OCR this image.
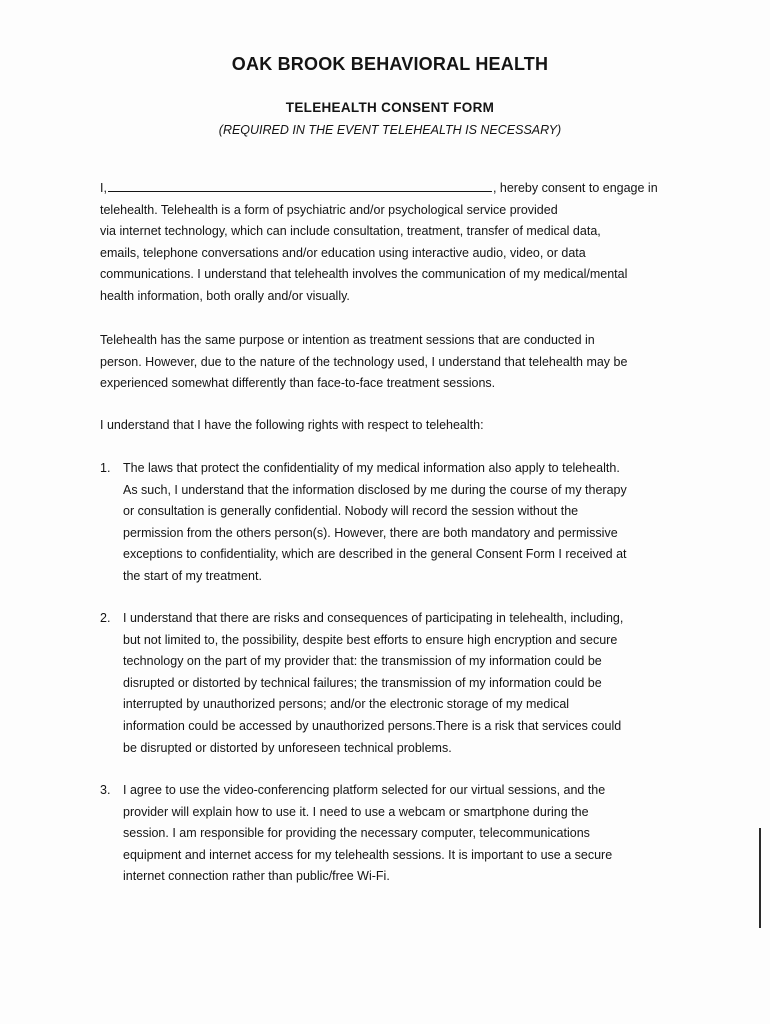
OAK BROOK BEHAVIORAL HEALTH
TELEHEALTH CONSENT FORM
(REQUIRED IN THE EVENT TELEHEALTH IS NECESSARY)
I,	, hereby consent to engage in
telehealth. Telehealth is a form of psychiatric and/or psychological service provided
via internet technology, which can include consultation, treatment, transfer of medical data,
emails, telephone conversations and/or education using interactive audio, video, or data
communications. I understand that telehealth involves the communication of my medical/mental
health information, both orally and/or visually.
Telehealth has the same purpose or intention as treatment sessions that are conducted in
person. However, due to the nature of the technology used, I understand that telehealth may be
experienced somewhat differently than face-to-face treatment sessions.
I understand that I have the following rights with respect to telehealth:
1. The laws that protect the confidentiality of my medical information also apply to telehealth.
As such, I understand that the information disclosed by me during the course of my therapy
or consultation is generally confidential. Nobody will record the session without the
permission from the others person(s). However, there are both mandatory and permissive
exceptions to confidentiality, which are described in the general Consent Form I received at
the start of my treatment.
2. I understand that there are risks and consequences of participating in telehealth, including,
but not limited to, the possibility, despite best efforts to ensure high encryption and secure
technology on the part of my provider that: the transmission of my information could be
disrupted or distorted by technical failures; the transmission of my information could be
interrupted by unauthorized persons; and/or the electronic storage of my medical
information could be accessed by unauthorized persons.There is a risk that services could
be disrupted or distorted by unforeseen technical problems.
3. I agree to use the video-conferencing platform selected for our virtual sessions, and the
provider will explain how to use it. I need to use a webcam or smartphone during the
session. I am responsible for providing the necessary computer, telecommunications
equipment and internet access for my telehealth sessions. It is important to use a secure
internet connection rather than public/free Wi-Fi.
